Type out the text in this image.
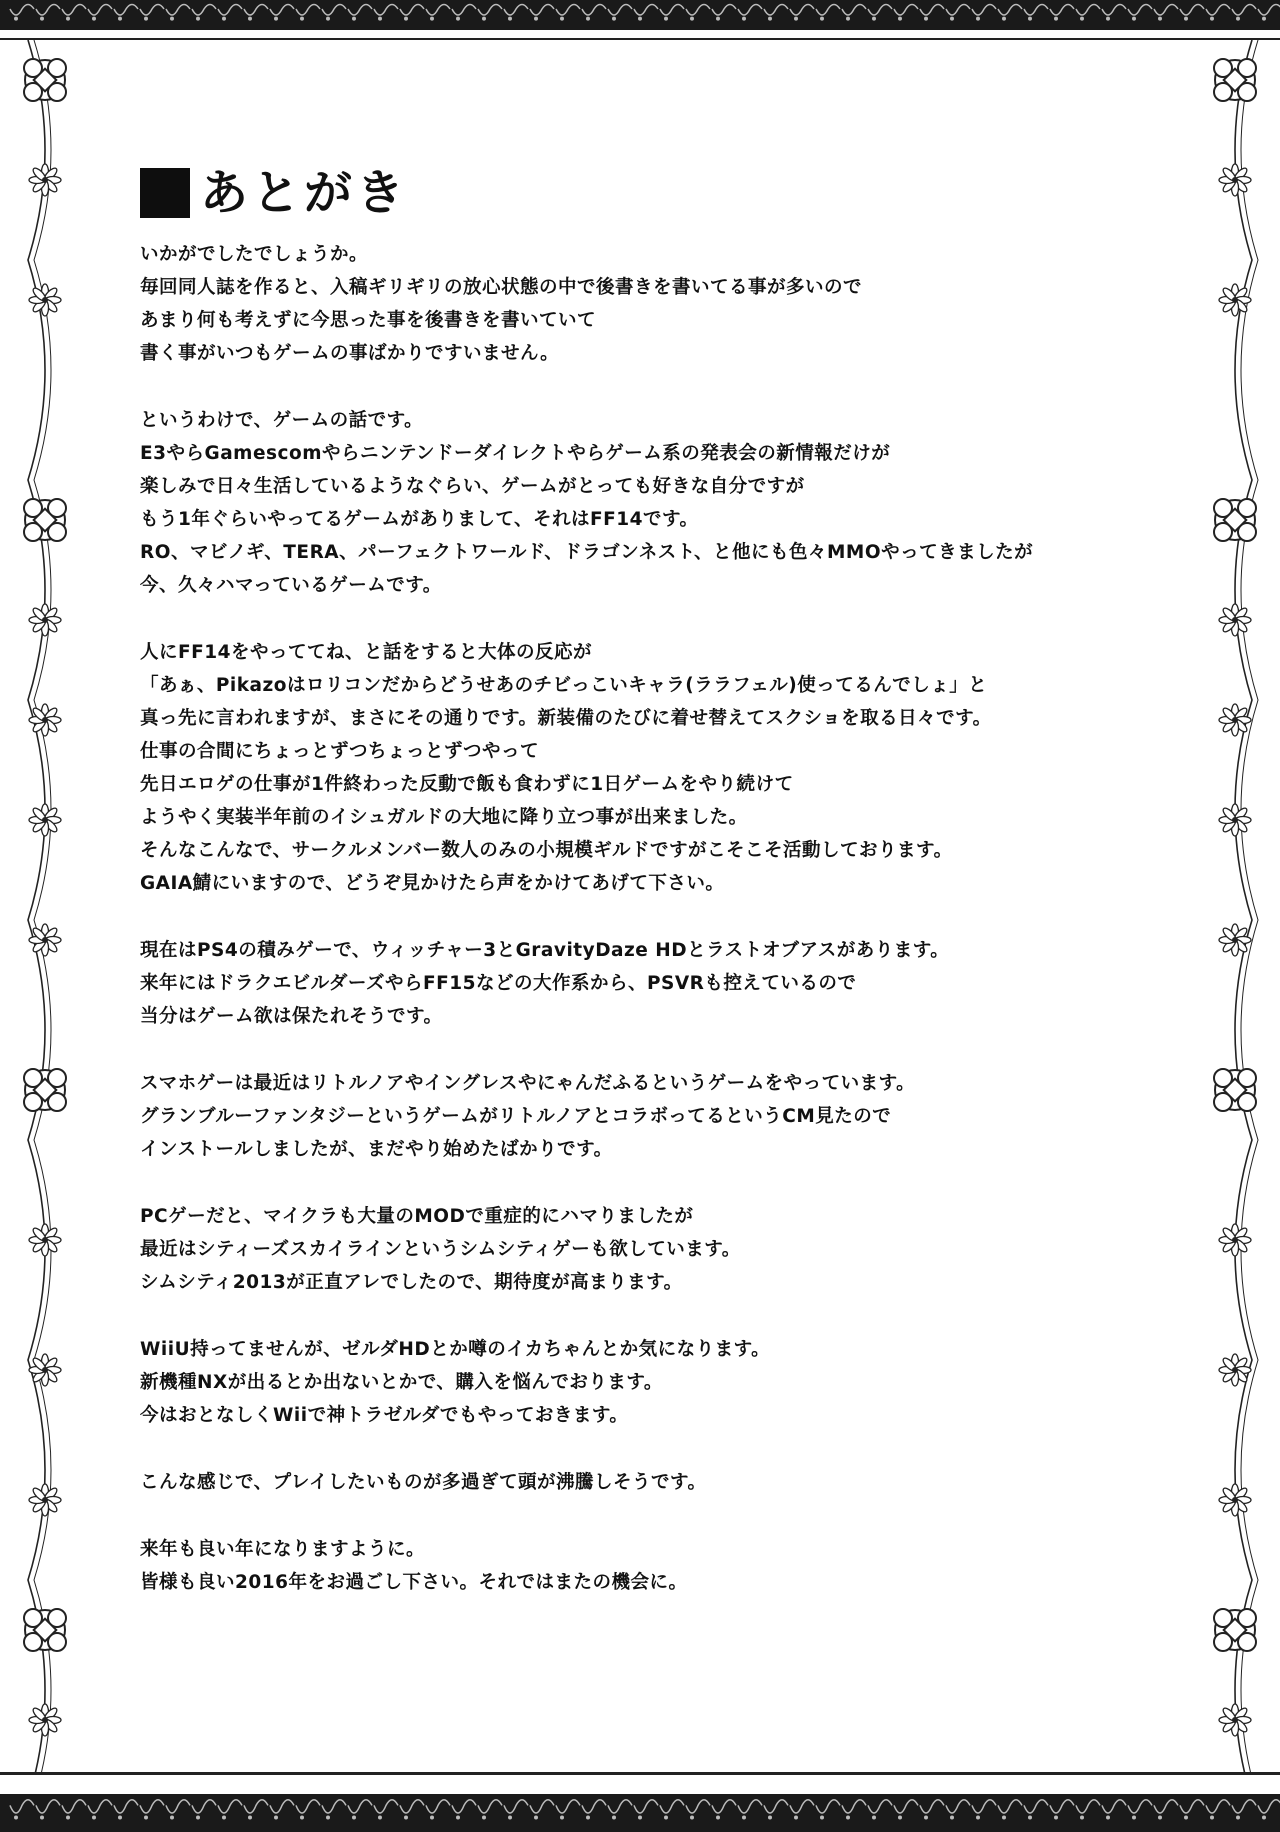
あとがき
いかがでしたでしょうか。
毎回同人誌を作ると、入稿ギリギリの放心状態の中で後書きを書いてる事が多いので
あまり何も考えずに今思った事を後書きを書いていて
書く事がいつもゲームの事ばかりですいません。
というわけで、ゲームの話です。
E3やらGamescomやらニンテンドーダイレクトやらゲーム系の発表会の新情報だけが
楽しみで日々生活しているようなぐらい、ゲームがとっても好きな自分ですが
もう1年ぐらいやってるゲームがありまして、それはFF14です。
RO、マビノギ、TERA、パーフェクトワールド、ドラゴンネスト、と他にも色々MMOやってきましたが
今、久々ハマっているゲームです。
人にFF14をやっててね、と話をすると大体の反応が
「あぁ、Pikazoはロリコンだからどうせあのチビっこいキャラ(ララフェル)使ってるんでしょ」と
真っ先に言われますが、まさにその通りです。新装備のたびに着せ替えてスクショを取る日々です。
仕事の合間にちょっとずつちょっとずつやって
先日エロゲの仕事が1件終わった反動で飯も食わずに1日ゲームをやり続けて
ようやく実装半年前のイシュガルドの大地に降り立つ事が出来ました。
そんなこんなで、サークルメンバー数人のみの小規模ギルドですがこそこそ活動しております。
GAIA鯖にいますので、どうぞ見かけたら声をかけてあげて下さい。
現在はPS4の積みゲーで、ウィッチャー3とGravityDaze HDとラストオブアスがあります。
来年にはドラクエビルダーズやらFF15などの大作系から、PSVRも控えているので
当分はゲーム欲は保たれそうです。
スマホゲーは最近はリトルノアやイングレスやにゃんだふるというゲームをやっています。
グランブルーファンタジーというゲームがリトルノアとコラボってるというCM見たので
インストールしましたが、まだやり始めたばかりです。
PCゲーだと、マイクラも大量のMODで重症的にハマりましたが
最近はシティーズスカイラインというシムシティゲーも欲しています。
シムシティ2013が正直アレでしたので、期待度が高まります。
WiiU持ってませんが、ゼルダHDとか噂のイカちゃんとか気になります。
新機種NXが出るとか出ないとかで、購入を悩んでおります。
今はおとなしくWiiで神トラゼルダでもやっておきます。
こんな感じで、プレイしたいものが多過ぎて頭が沸騰しそうです。
来年も良い年になりますように。
皆様も良い2016年をお過ごし下さい。それではまたの機会に。
